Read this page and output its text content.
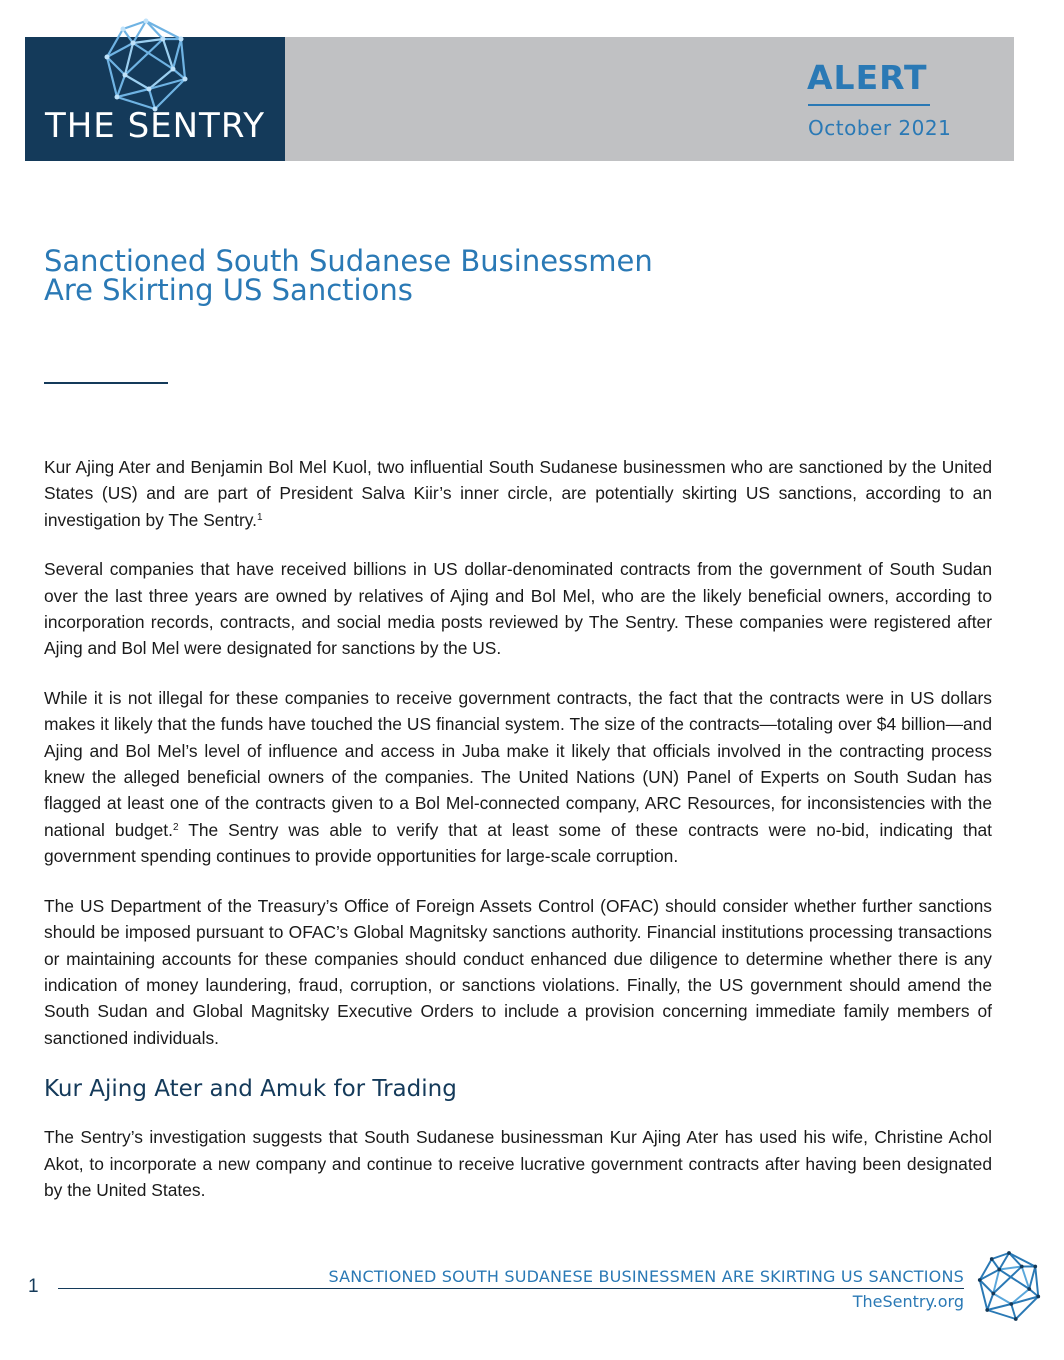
THE SENTRY
ALERT
October 2021
Sanctioned South Sudanese Businessmen
Are Skirting US Sanctions

Kur Ajing Ater and Benjamin Bol Mel Kuol, two influential South Sudanese businessmen who are sanctioned by the United States (US) and are part of President Salva Kiir’s inner circle, are potentially skirting US sanctions, according to an investigation by The Sentry.$^1$

Several companies that have received billions in US dollar-denominated contracts from the government of South Sudan over the last three years are owned by relatives of Ajing and Bol Mel, who are the likely beneficial owners, according to incorporation records, contracts, and social media posts reviewed by The Sentry. These companies were registered after Ajing and Bol Mel were designated for sanctions by the US.

While it is not illegal for these companies to receive government contracts, the fact that the contracts were in US dollars makes it likely that the funds have touched the US financial system. The size of the contracts—totaling over $4 billion—and Ajing and Bol Mel’s level of influence and access in Juba make it likely that officials involved in the contracting process knew the alleged beneficial owners of the companies. The United Nations (UN) Panel of Experts on South Sudan has flagged at least one of the contracts given to a Bol Mel-connected company, ARC Resources, for inconsistencies with the national budget.$^2$ The Sentry was able to verify that at least some of these contracts were no-bid, indicating that government spending continues to provide opportunities for large-scale corruption.

The US Department of the Treasury’s Office of Foreign Assets Control (OFAC) should consider whether further sanctions should be imposed pursuant to OFAC’s Global Magnitsky sanctions authority. Financial institutions processing transactions or maintaining accounts for these companies should conduct enhanced due diligence to determine whether there is any indication of money laundering, fraud, corruption, or sanctions violations. Finally, the US government should amend the South Sudan and Global Magnitsky Executive Orders to include a provision concerning immediate family members of sanctioned individuals.

Kur Ajing Ater and Amuk for Trading

The Sentry’s investigation suggests that South Sudanese businessman Kur Ajing Ater has used his wife, Christine Achol Akot, to incorporate a new company and continue to receive lucrative government contracts after having been designated by the United States.

1	SANCTIONED SOUTH SUDANESE BUSINESSMEN ARE SKIRTING US SANCTIONS
TheSentry.org
